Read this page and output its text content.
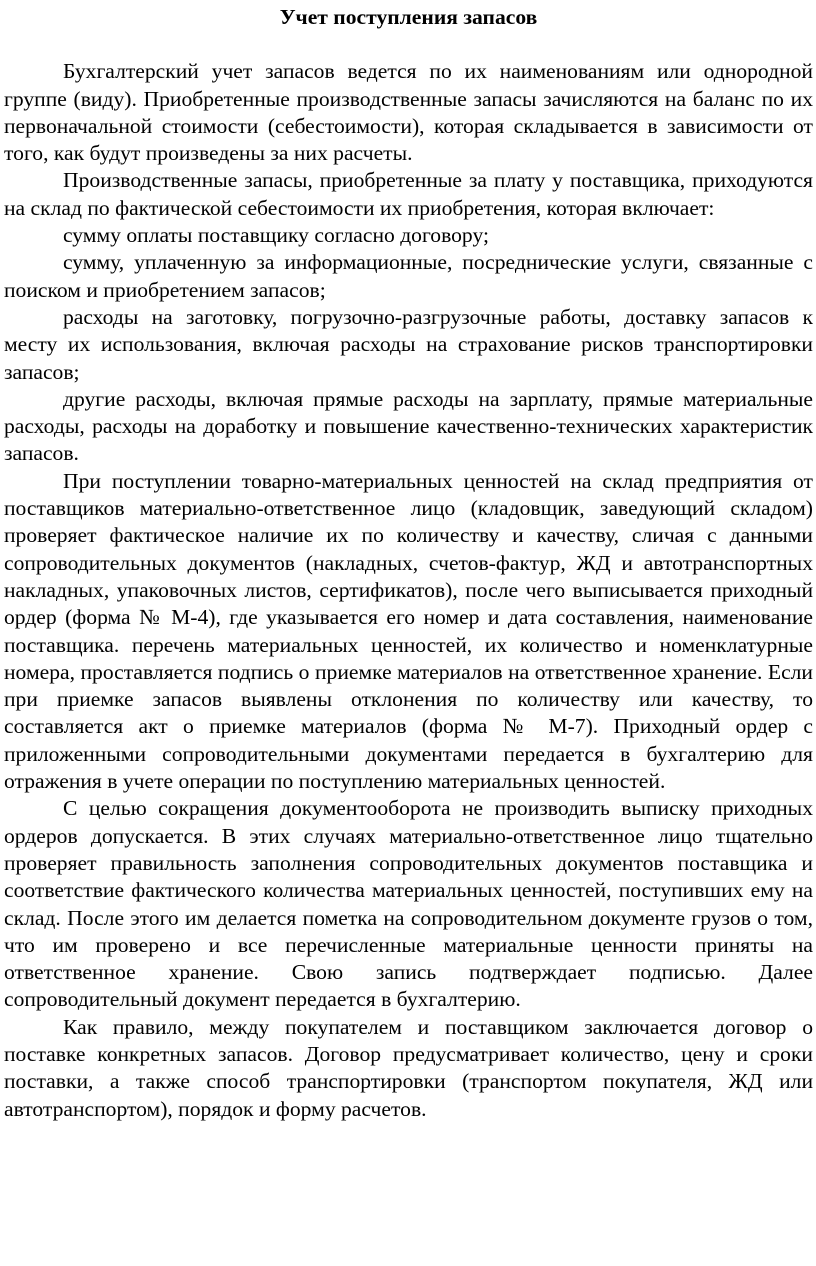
Учет поступления запасов

Бухгалтерский учет запасов ведется по их наименованиям или однородной группе (виду). Приобретенные производственные запасы зачисляются на баланс по их первоначальной стоимости (себестоимости), которая складывается в зависимости от того, как будут произведены за них расчеты.

Производственные запасы, приобретенные за плату у поставщика, приходуются на склад по фактической себестоимости их приобретения, которая включает:

сумму оплаты поставщику согласно договору;

сумму, уплаченную за информационные, посреднические услуги, связанные с поиском и приобретением запасов;

расходы на заготовку, погрузочно-разгрузочные работы, доставку запасов к месту их использования, включая расходы на страхование рисков транспортировки запасов;

другие расходы, включая прямые расходы на зарплату, прямые материальные расходы, расходы на доработку и повышение качественно-технических характеристик запасов.

При поступлении товарно-материальных ценностей на склад предприятия от поставщиков материально-ответственное лицо (кладовщик, заведующий складом) проверяет фактическое наличие их по количеству и качеству, сличая с данными сопроводительных документов (накладных, счетов-фактур, ЖД и автотранспортных накладных, упаковочных листов, сертификатов), после чего выписывается приходный ордер (форма № М-4), где указывается его номер и дата составления, наименование поставщика. перечень материальных ценностей, их количество и номенклатурные номера, проставляется подпись о приемке материалов на ответственное хранение. Если при приемке запасов выявлены отклонения по количеству или качеству, то составляется акт о приемке материалов (форма № М-7). Приходный ордер с приложенными сопроводительными документами передается в бухгалтерию для отражения в учете операции по поступлению материальных ценностей.

С целью сокращения документооборота не производить выписку приходных ордеров допускается. В этих случаях материально-ответственное лицо тщательно проверяет правильность заполнения сопроводительных документов поставщика и соответствие фактического количества материальных ценностей, поступивших ему на склад. После этого им делается пометка на сопроводительном документе грузов о том, что им проверено и все перечисленные материальные ценности приняты на ответственное хранение. Свою запись подтверждает подписью. Далее сопроводительный документ передается в бухгалтерию.

Как правило, между покупателем и поставщиком заключается договор о поставке конкретных запасов. Договор предусматривает количество, цену и сроки поставки, а также способ транспортировки (транспортом покупателя, ЖД или автотранспортом), порядок и форму расчетов.
